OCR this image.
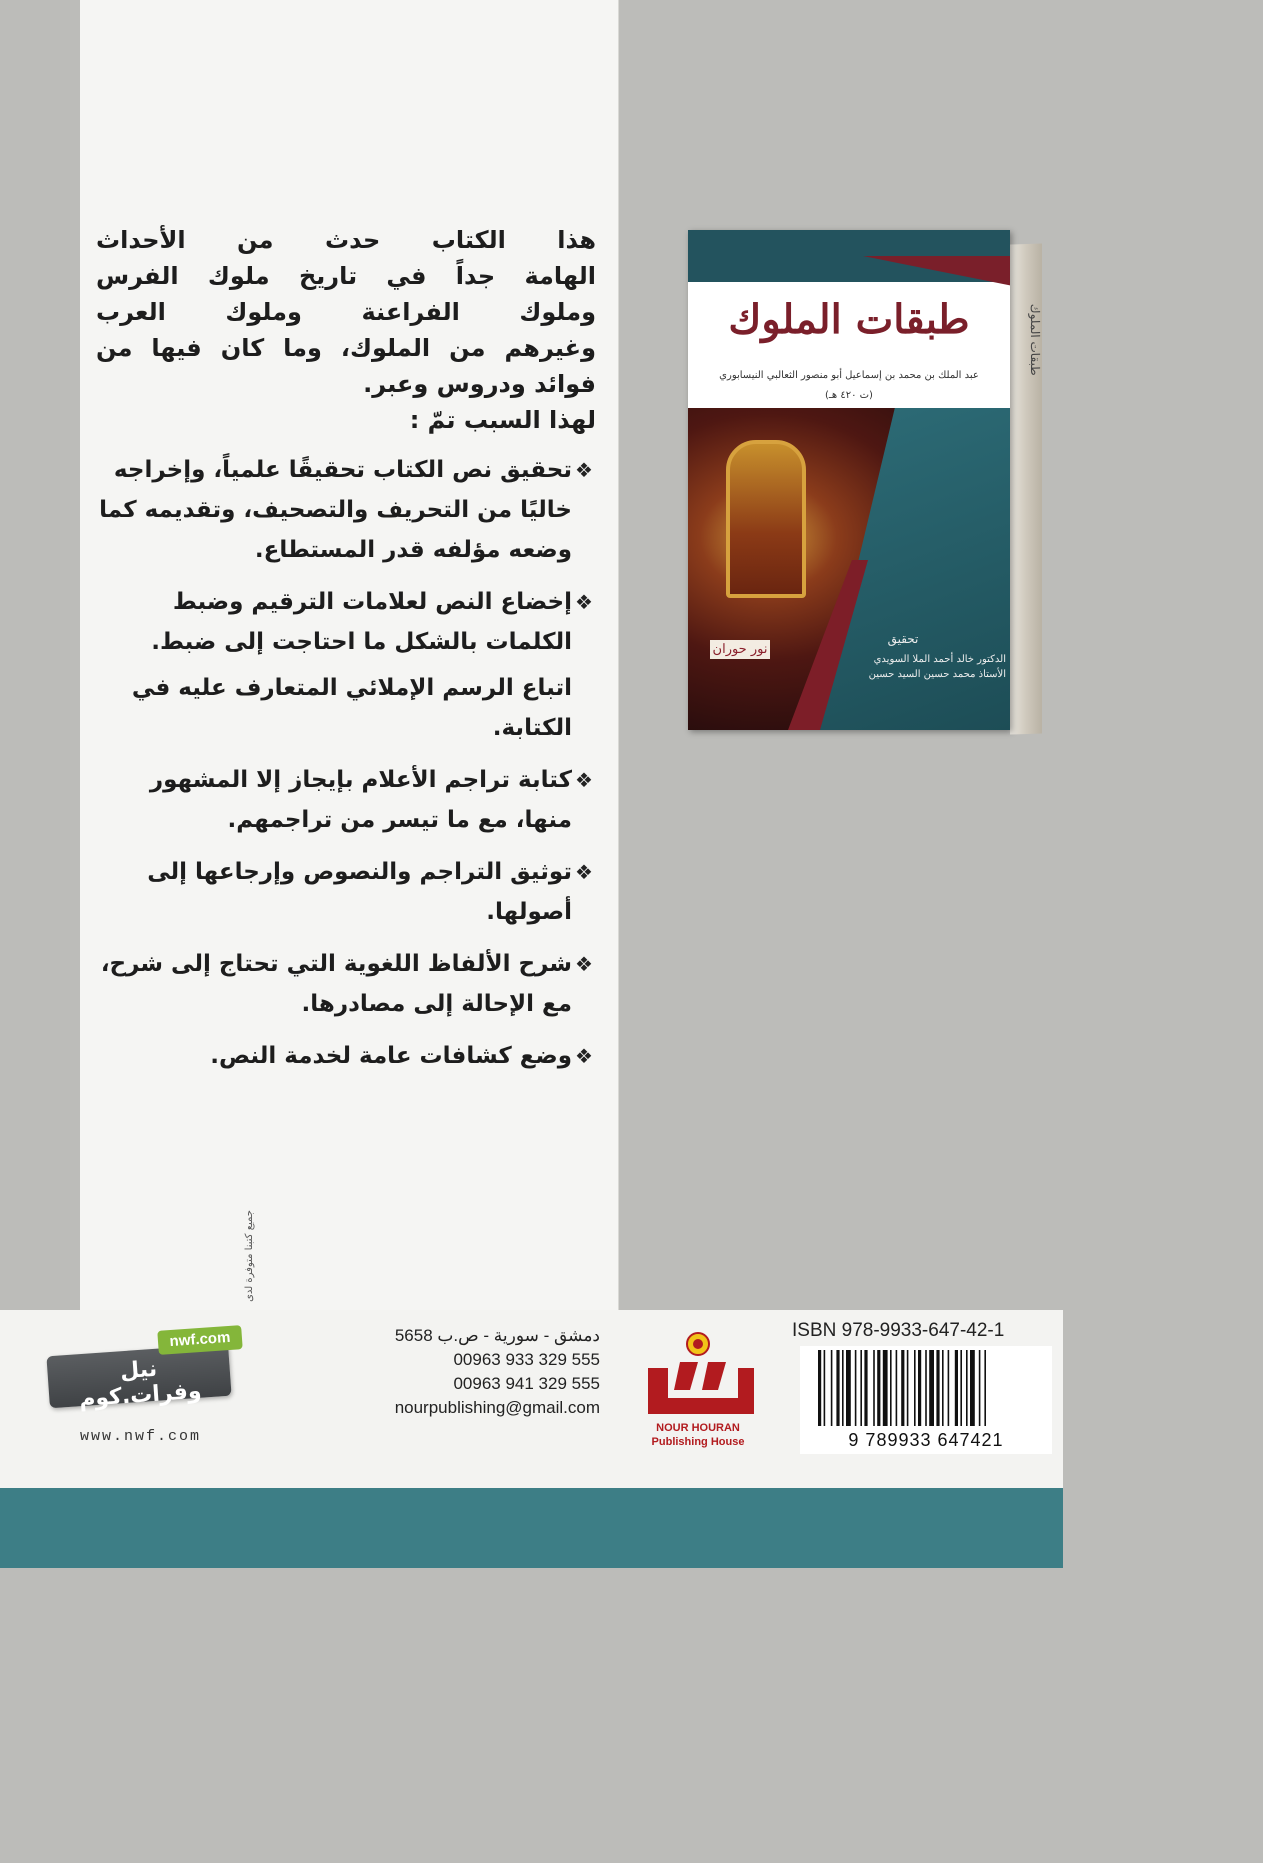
هذا الكتاب حدث من الأحداث
الهامة جداً في تاريخ ملوك الفرس
وملوك الفراعنة وملوك العرب
وغيرهم من الملوك، وما كان فيها من
فوائد ودروس وعبر.
لهذا السبب تمّ :
❖
تحقيق نص الكتاب تحقيقًا علمياً، وإخراجه خاليًا من التحريف والتصحيف، وتقديمه كما وضعه مؤلفه قدر المستطاع.
❖
إخضاع النص لعلامات الترقيم وضبط الكلمات بالشكل ما احتاجت إلى ضبط.
اتباع الرسم الإملائي المتعارف عليه في الكتابة.
❖
كتابة تراجم الأعلام بإيجاز إلا المشهور منها، مع ما تيسر من تراجمهم.
❖
توثيق التراجم والنصوص وإرجاعها إلى أصولها.
❖
شرح الألفاظ اللغوية التي تحتاج إلى شرح، مع الإحالة إلى مصادرها.
❖
وضع كشافات عامة لخدمة النص.
طبقات الملوك
طبقات الملوك
عبد الملك بن محمد بن إسماعيل أبو منصور الثعالبي النيسابوري
(ت ٤٢٠ هـ)
تحقيق
الدكتور خالد أحمد الملا السويدي
الأستاذ محمد حسين السيد حسين
نور حوران
ISBN 978-9933-647-42-1
9 789933 647421
NOUR HOURAN
Publishing House
دمشق - سورية - ص.ب 5658
00963 933 329 555
00963 941 329 555
nourpublishing@gmail.com
نيل وفرات.كوم
nwf.com
جميع كتبنا متوفرة لدى
www.nwf.com
